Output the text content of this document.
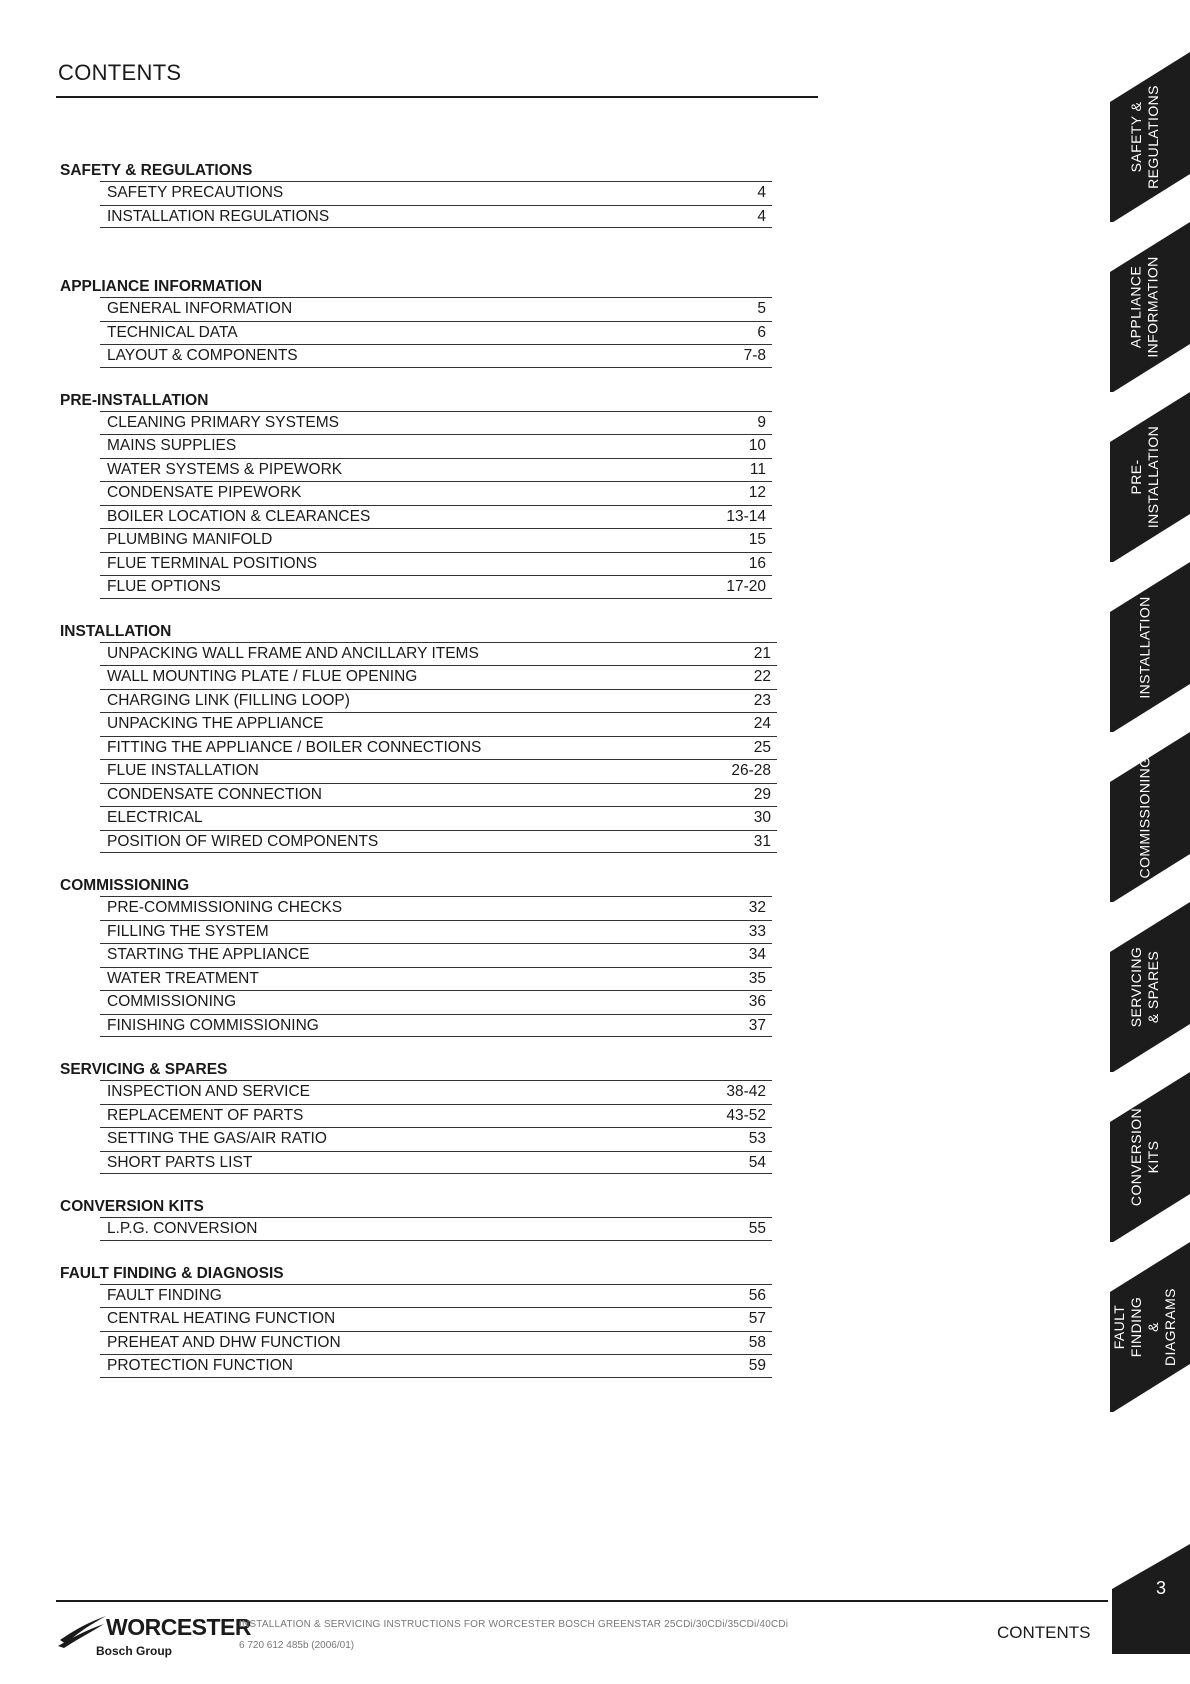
CONTENTS
SAFETY & REGULATIONS
SAFETY PRECAUTIONS	4
INSTALLATION REGULATIONS	4
APPLIANCE INFORMATION
GENERAL INFORMATION	5
TECHNICAL DATA	6
LAYOUT & COMPONENTS	7-8
PRE-INSTALLATION
CLEANING PRIMARY SYSTEMS	9
MAINS SUPPLIES	10
WATER SYSTEMS & PIPEWORK	11
CONDENSATE PIPEWORK	12
BOILER LOCATION & CLEARANCES	13-14
PLUMBING MANIFOLD	15
FLUE TERMINAL POSITIONS	16
FLUE OPTIONS	17-20
INSTALLATION
UNPACKING WALL FRAME AND ANCILLARY ITEMS	21
WALL MOUNTING PLATE / FLUE OPENING	22
CHARGING LINK (FILLING LOOP)	23
UNPACKING THE APPLIANCE	24
FITTING THE APPLIANCE / BOILER CONNECTIONS	25
FLUE INSTALLATION	26-28
CONDENSATE CONNECTION	29
ELECTRICAL	30
POSITION OF WIRED COMPONENTS	31
COMMISSIONING
PRE-COMMISSIONING CHECKS	32
FILLING THE SYSTEM	33
STARTING THE APPLIANCE	34
WATER TREATMENT	35
COMMISSIONING	36
FINISHING COMMISSIONING	37
SERVICING & SPARES
INSPECTION AND SERVICE	38-42
REPLACEMENT OF PARTS	43-52
SETTING THE GAS/AIR RATIO	53
SHORT PARTS LIST	54
CONVERSION KITS
L.P.G. CONVERSION	55
FAULT FINDING & DIAGNOSIS
FAULT FINDING	56
CENTRAL HEATING FUNCTION	57
PREHEAT AND DHW FUNCTION	58
PROTECTION FUNCTION	59
SAFETY &
REGULATIONS
APPLIANCE
INFORMATION
PRE-
INSTALLATION
INSTALLATION
COMMISSIONING
SERVICING
& SPARES
CONVERSION
KITS
FAULT FINDING
& DIAGRAMS
3
WORCESTER
Bosch Group
INSTALLATION & SERVICING INSTRUCTIONS FOR WORCESTER BOSCH GREENSTAR 25CDi/30CDi/35CDi/40CDi
6 720 612 485b (2006/01)
CONTENTS
